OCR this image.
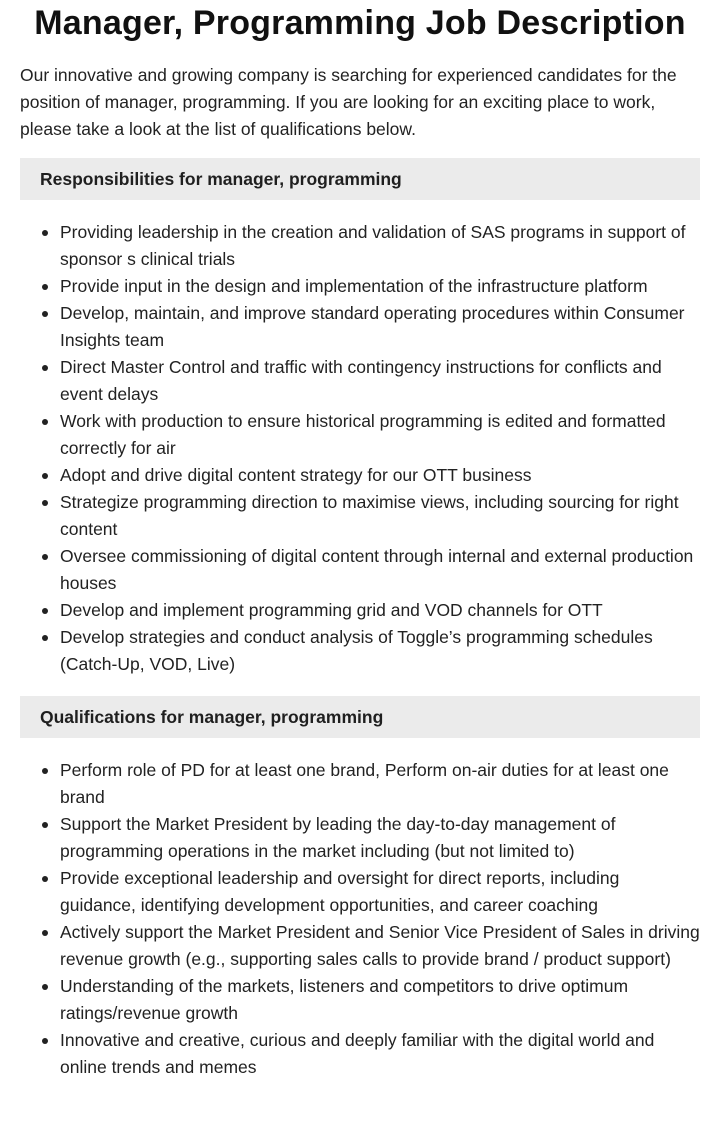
Manager, Programming Job Description

Our innovative and growing company is searching for experienced candidates for the position of manager, programming. If you are looking for an exciting place to work, please take a look at the list of qualifications below.

Responsibilities for manager, programming
Providing leadership in the creation and validation of SAS programs in support of sponsor s clinical trials
Provide input in the design and implementation of the infrastructure platform
Develop, maintain, and improve standard operating procedures within Consumer Insights team
Direct Master Control and traffic with contingency instructions for conflicts and event delays
Work with production to ensure historical programming is edited and formatted correctly for air
Adopt and drive digital content strategy for our OTT business
Strategize programming direction to maximise views, including sourcing for right content
Oversee commissioning of digital content through internal and external production houses
Develop and implement programming grid and VOD channels for OTT
Develop strategies and conduct analysis of Toggle’s programming schedules (Catch-Up, VOD, Live)
Qualifications for manager, programming
Perform role of PD for at least one brand, Perform on-air duties for at least one brand
Support the Market President by leading the day-to-day management of programming operations in the market including (but not limited to)
Provide exceptional leadership and oversight for direct reports, including guidance, identifying development opportunities, and career coaching
Actively support the Market President and Senior Vice President of Sales in driving revenue growth (e.g., supporting sales calls to provide brand / product support)
Understanding of the markets, listeners and competitors to drive optimum ratings/revenue growth
Innovative and creative, curious and deeply familiar with the digital world and online trends and memes
